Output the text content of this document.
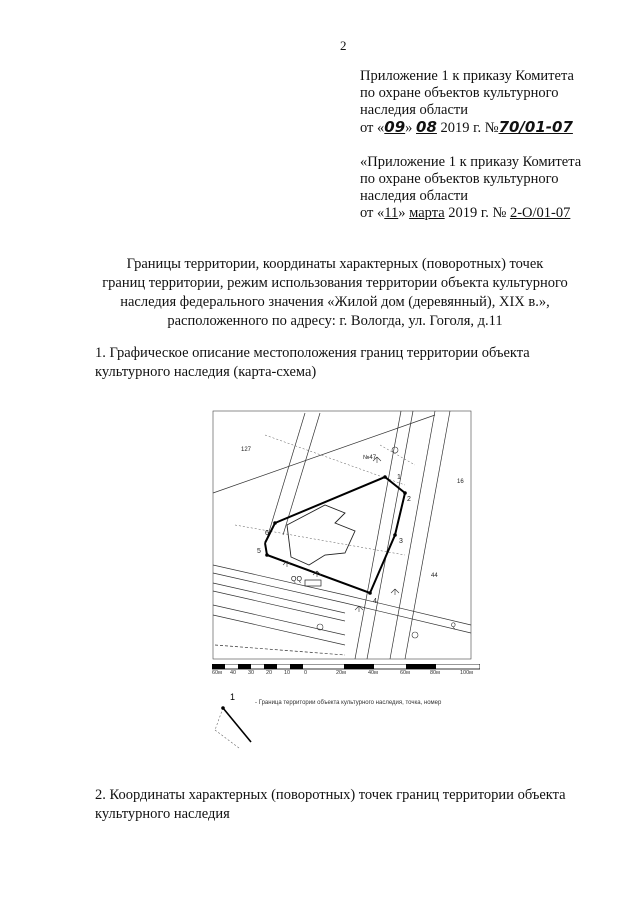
2
Приложение 1 к приказу Комитета
по охране объектов культурного
наследия области
от «09» 08 2019 г. №70/01-07
«Приложение 1 к приказу Комитета
по охране объектов культурного
наследия области
от «11» марта 2019 г. № 2-О/01-07
Границы территории, координаты характерных (поворотных) точек
границ территории, режим использования территории объекта культурного
наследия федерального значения «Жилой дом (деревянный), XIX в.»,
расположенного по адресу: г. Вологда, ул. Гоголя, д.11
1. Графическое описание местоположения границ территории объекта
культурного наследия (карта-схема)
127
№47
16
1
2
3
4
5
6
44
QQ
Q
60м 40 30 20 10	0	20м	40м	60м	80м	100м
1
- Граница территории объекта культурного наследия, точка, номер
2. Координаты характерных (поворотных) точек границ территории объекта
культурного наследия
